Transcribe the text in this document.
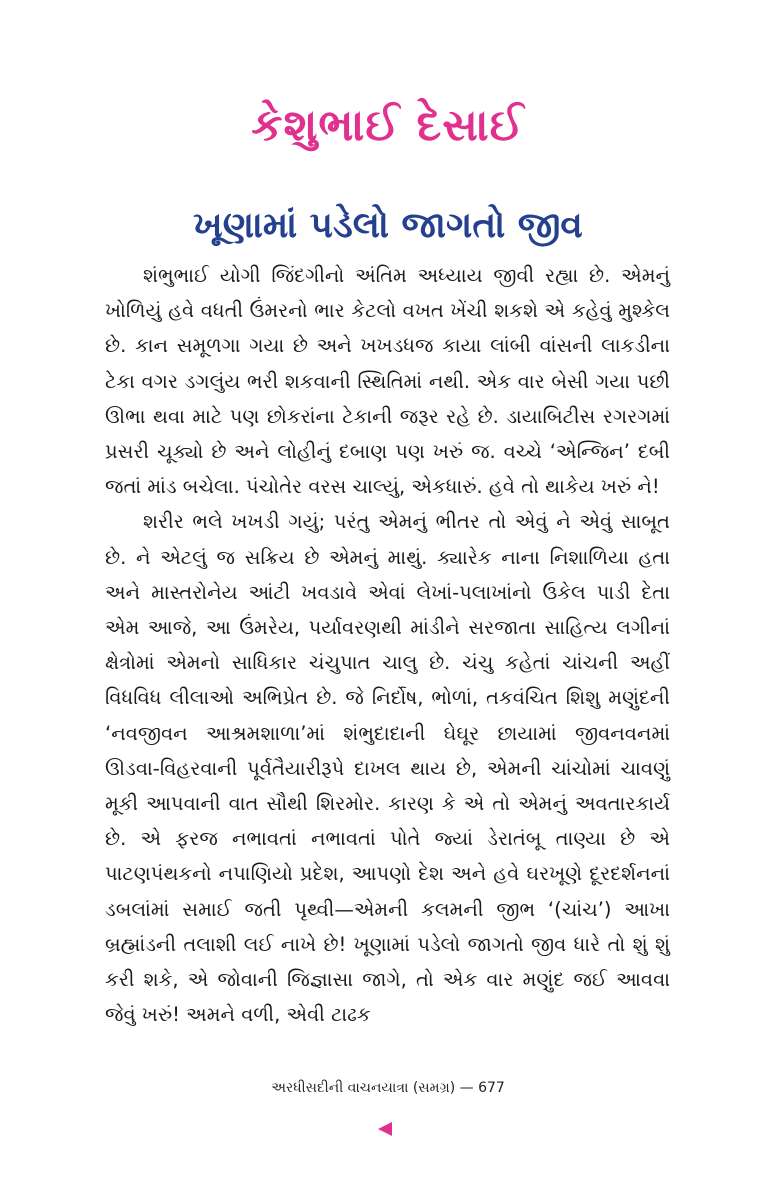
કેશુભાઈ દેસાઈ
ખૂણામાં પડેલો જાગતો જીવ

શંભુભાઈ યોગી જિંદગીનો અંતિમ અધ્યાય જીવી રહ્યા છે. એમનું ખોળિયું હવે વધતી ઉંમરનો ભાર કેટલો વખત ખેંચી શકશે એ કહેવું મુશ્કેલ છે. કાન સમૂળગા ગયા છે અને ખખડધજ કાયા લાંબી વાંસની લાકડીના ટેકા વગર ડગલુંય ભરી શકવાની સ્થિતિમાં નથી. એક વાર બેસી ગયા પછી ઊભા થવા માટે પણ છોકરાંના ટેકાની જરૂર રહે છે. ડાયાબિટીસ રગરગમાં પ્રસરી ચૂક્યો છે અને લોહીનું દબાણ પણ ખરું જ. વચ્ચે ‘એન્જિન’ દબી જતાં માંડ બચેલા. પંચોતેર વરસ ચાલ્યું, એકધારું. હવે તો થાકેય ખરું ને!

શરીર ભલે ખખડી ગયું; પરંતુ એમનું ભીતર તો એવું ને એવું સાબૂત છે. ને એટલું જ સક્રિય છે એમનું માથું. ક્યારેક નાના નિશાળિયા હતા અને માસ્તરોનેય આંટી ખવડાવે એવાં લેખાં-પલાખાંનો ઉકેલ પાડી દેતા એમ આજે, આ ઉંમરેય, પર્યાવરણથી માંડીને સરજાતા સાહિત્ય લગીનાં ક્ષેત્રોમાં એમનો સાધિકાર ચંચુપાત ચાલુ છે. ચંચુ કહેતાં ચાંચની અહીં વિધવિધ લીલાઓ અભિપ્રેત છે. જે નિર્દોષ, ભોળાં, તકવંચિત શિશુ મણુંદની ‘નવજીવન આશ્રમશાળા’માં શંભુદાદાની ઘેઘૂર છાયામાં જીવનવનમાં ઊડવા-વિહરવાની પૂર્વતૈયારીરૂપે દાખલ થાય છે, એમની ચાંચોમાં ચાવણું મૂકી આપવાની વાત સૌથી શિરમોર. કારણ કે એ તો એમનું અવતારકાર્ય છે. એ ફરજ નભાવતાં નભાવતાં પોતે જ્યાં ડેરાતંબૂ તાણ્યા છે એ પાટણપંથકનો નપાણિયો પ્રદેશ, આપણો દેશ અને હવે ઘરખૂણે દૂરદર્શનનાં ડબલાંમાં સમાઈ જતી પૃથ્વી—એમની કલમની જીભ ‘(ચાંચ’) આખા બ્રહ્માંડની તલાશી લઈ નાખે છે! ખૂણામાં પડેલો જાગતો જીવ ધારે તો શું શું કરી શકે, એ જોવાની જિજ્ઞાસા જાગે, તો એક વાર મણુંદ જઈ આવવા જેવું ખરું! અમને વળી, એવી ટાઢક

અરધીસદીની વાચનયાત્રા (સમગ્ર) — 677
